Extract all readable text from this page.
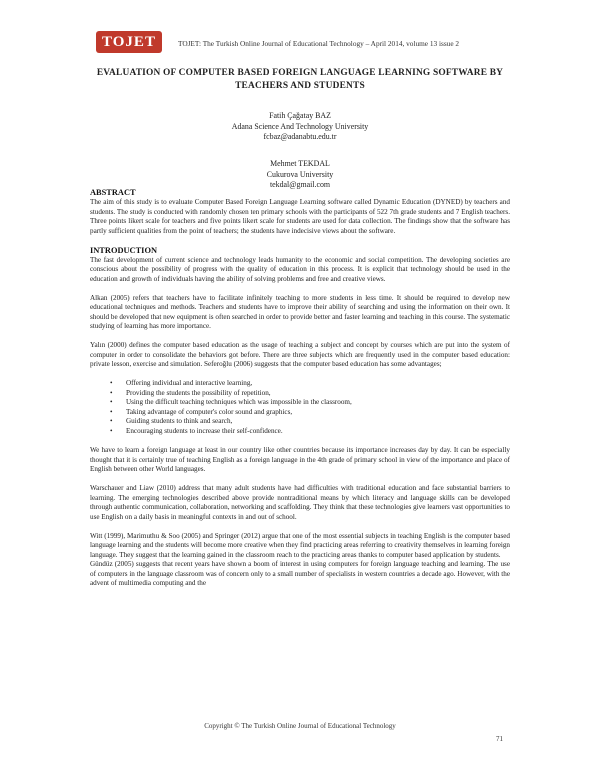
TOJET	TOJET: The Turkish Online Journal of Educational Technology – April 2014, volume 13 issue 2
EVALUATION OF COMPUTER BASED FOREIGN LANGUAGE LEARNING SOFTWARE BY TEACHERS AND STUDENTS
Fatih Çağatay BAZ
Adana Science And Technology University
fcbaz@adanabtu.edu.tr
Mehmet TEKDAL
Cukurova University
tekdal@gmail.com
ABSTRACT

The aim of this study is to evaluate Computer Based Foreign Language Learning software called Dynamic Education (DYNED) by teachers and students. The study is conducted with randomly chosen ten primary schools with the participants of 522 7th grade students and 7 English teachers. Three points likert scale for teachers and five points likert scale for students are used for data collection. The findings show that the software has partly sufficient qualities from the point of teachers; the students have indecisive views about the software.

INTRODUCTION

The fast development of current science and technology leads humanity to the economic and social competition. The developing societies are conscious about the possibility of progress with the quality of education in this process. It is explicit that technology should be used in the education and growth of individuals having the ability of solving problems and free and creative views.

Alkan (2005) refers that teachers have to facilitate infinitely teaching to more students in less time. It should be required to develop new educational techniques and methods. Teachers and students have to improve their ability of searching and using the information on their own. It should be developed that new equipment is often searched in order to provide better and faster learning and teaching in this course. The systematic studying of learning has more importance.

Yalın (2000) defines the computer based education as the usage of teaching a subject and concept by courses which are put into the system of computer in order to consolidate the behaviors got before. There are three subjects which are frequently used in the computer based education: private lesson, exercise and simulation. Seferoğlu (2006) suggests that the computer based education has some advantages;

• Offering individual and interactive learning,
• Providing the students the possibility of repetition,
• Using the difficult teaching techniques which was impossible in the classroom,
• Taking advantage of computer's color sound and graphics,
• Guiding students to think and search,
• Encouraging students to increase their self-confidence.

We have to learn a foreign language at least in our country like other countries because its importance increases day by day. It can be especially thought that it is certainly true of teaching English as a foreign language in the 4th grade of primary school in view of the importance and place of English between other World languages.

Warschauer and Liaw (2010) address that many adult students have had difficulties with traditional education and face substantial barriers to learning. The emerging technologies described above provide nontraditional means by which literacy and language skills can be developed through authentic communication, collaboration, networking and scaffolding. They think that these technologies give learners vast opportunities to use English on a daily basis in meaningful contexts in and out of school.

Witt (1999), Marimuthu & Soo (2005) and Springer (2012) argue that one of the most essential subjects in teaching English is the computer based language learning and the students will become more creative when they find practicing areas referring to creativity themselves in learning foreign language. They suggest that the learning gained in the classroom reach to the practicing areas thanks to computer based application by students.

Gündüz (2005) suggests that recent years have shown a boom of interest in using computers for foreign language teaching and learning. The use of computers in the language classroom was of concern only to a small number of specialists in western countries a decade ago. However, with the advent of multimedia computing and the

Copyright © The Turkish Online Journal of Educational Technology
71
